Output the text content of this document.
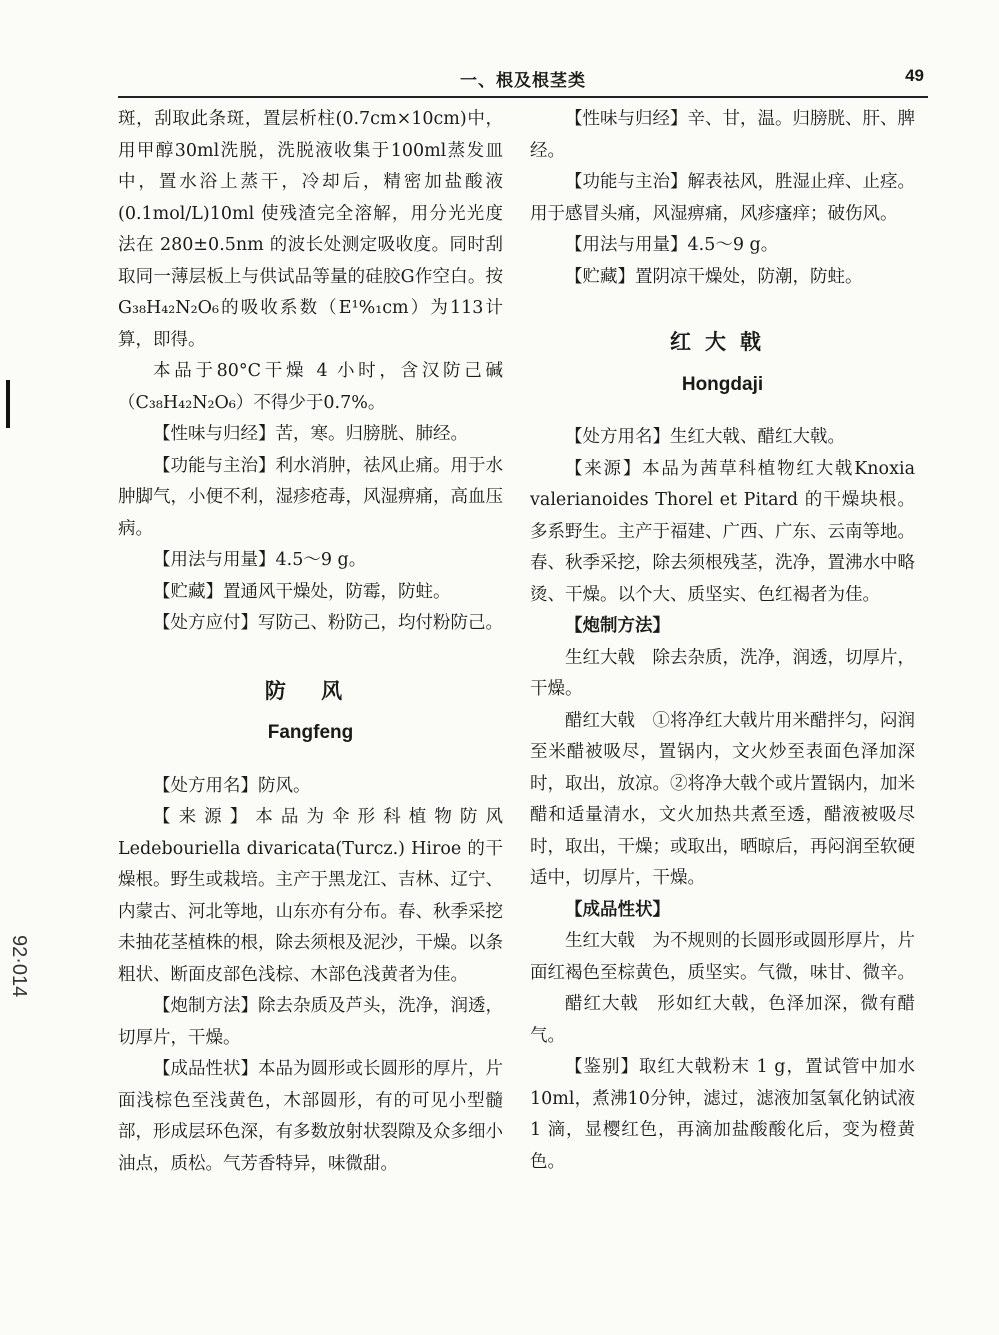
一、根及根茎类	49
92·014

斑，刮取此条斑，置层析柱(0.7cm×10cm)中，用甲醇30ml洗脱，洗脱液收集于100ml蒸发皿中，置水浴上蒸干，冷却后，精密加盐酸液(0.1mol/L)10ml 使残渣完全溶解，用分光光度法在 280±0.5nm 的波长处测定吸收度。同时刮取同一薄层板上与供试品等量的硅胶G作空白。按 G₃₈H₄₂N₂O₆的吸收系数（E¹%₁cm）为113计算，即得。

本品于80°C干燥 4 小时，含汉防己碱（C₃₈H₄₂N₂O₆）不得少于0.7%。

【性味与归经】苦，寒。归膀胱、肺经。

【功能与主治】利水消肿，祛风止痛。用于水肿脚气，小便不利，湿疹疮毒，风湿痹痛，高血压病。

【用法与用量】4.5～9 g。

【贮藏】置通风干燥处，防霉，防蛀。

【处方应付】写防己、粉防己，均付粉防己。

防 风

Fangfeng

【处方用名】防风。

【来源】本品为伞形科植物防风Ledebouriella divaricata(Turcz.) Hiroe 的干燥根。野生或栽培。主产于黑龙江、吉林、辽宁、内蒙古、河北等地，山东亦有分布。春、秋季采挖未抽花茎植株的根，除去须根及泥沙，干燥。以条粗状、断面皮部色浅棕、木部色浅黄者为佳。

【炮制方法】除去杂质及芦头，洗净，润透，切厚片，干燥。

【成品性状】本品为圆形或长圆形的厚片，片面浅棕色至浅黄色，木部圆形，有的可见小型髓部，形成层环色深，有多数放射状裂隙及众多细小油点，质松。气芳香特异，味微甜。

【性味与归经】辛、甘，温。归膀胱、肝、脾经。

【功能与主治】解表祛风，胜湿止痒、止痉。用于感冒头痛，风湿痹痛，风疹瘙痒；破伤风。

【用法与用量】4.5～9 g。

【贮藏】置阴凉干燥处，防潮，防蛀。

红大戟

Hongdaji

【处方用名】生红大戟、醋红大戟。

【来源】本品为茜草科植物红大戟Knoxia valerianoides Thorel et Pitard 的干燥块根。多系野生。主产于福建、广西、广东、云南等地。春、秋季采挖，除去须根残茎，洗净，置沸水中略烫、干燥。以个大、质坚实、色红褐者为佳。

【炮制方法】

生红大戟　除去杂质，洗净，润透，切厚片，干燥。

醋红大戟　①将净红大戟片用米醋拌匀，闷润至米醋被吸尽，置锅内，文火炒至表面色泽加深时，取出，放凉。②将净大戟个或片置锅内，加米醋和适量清水，文火加热共煮至透，醋液被吸尽时，取出，干燥；或取出，晒晾后，再闷润至软硬适中，切厚片，干燥。

【成品性状】

生红大戟　为不规则的长圆形或圆形厚片，片面红褐色至棕黄色，质坚实。气微，味甘、微辛。

醋红大戟　形如红大戟，色泽加深，微有醋气。

【鉴别】取红大戟粉末 1 g，置试管中加水10ml，煮沸10分钟，滤过，滤液加氢氧化钠试液 1 滴，显樱红色，再滴加盐酸酸化后，变为橙黄色。
